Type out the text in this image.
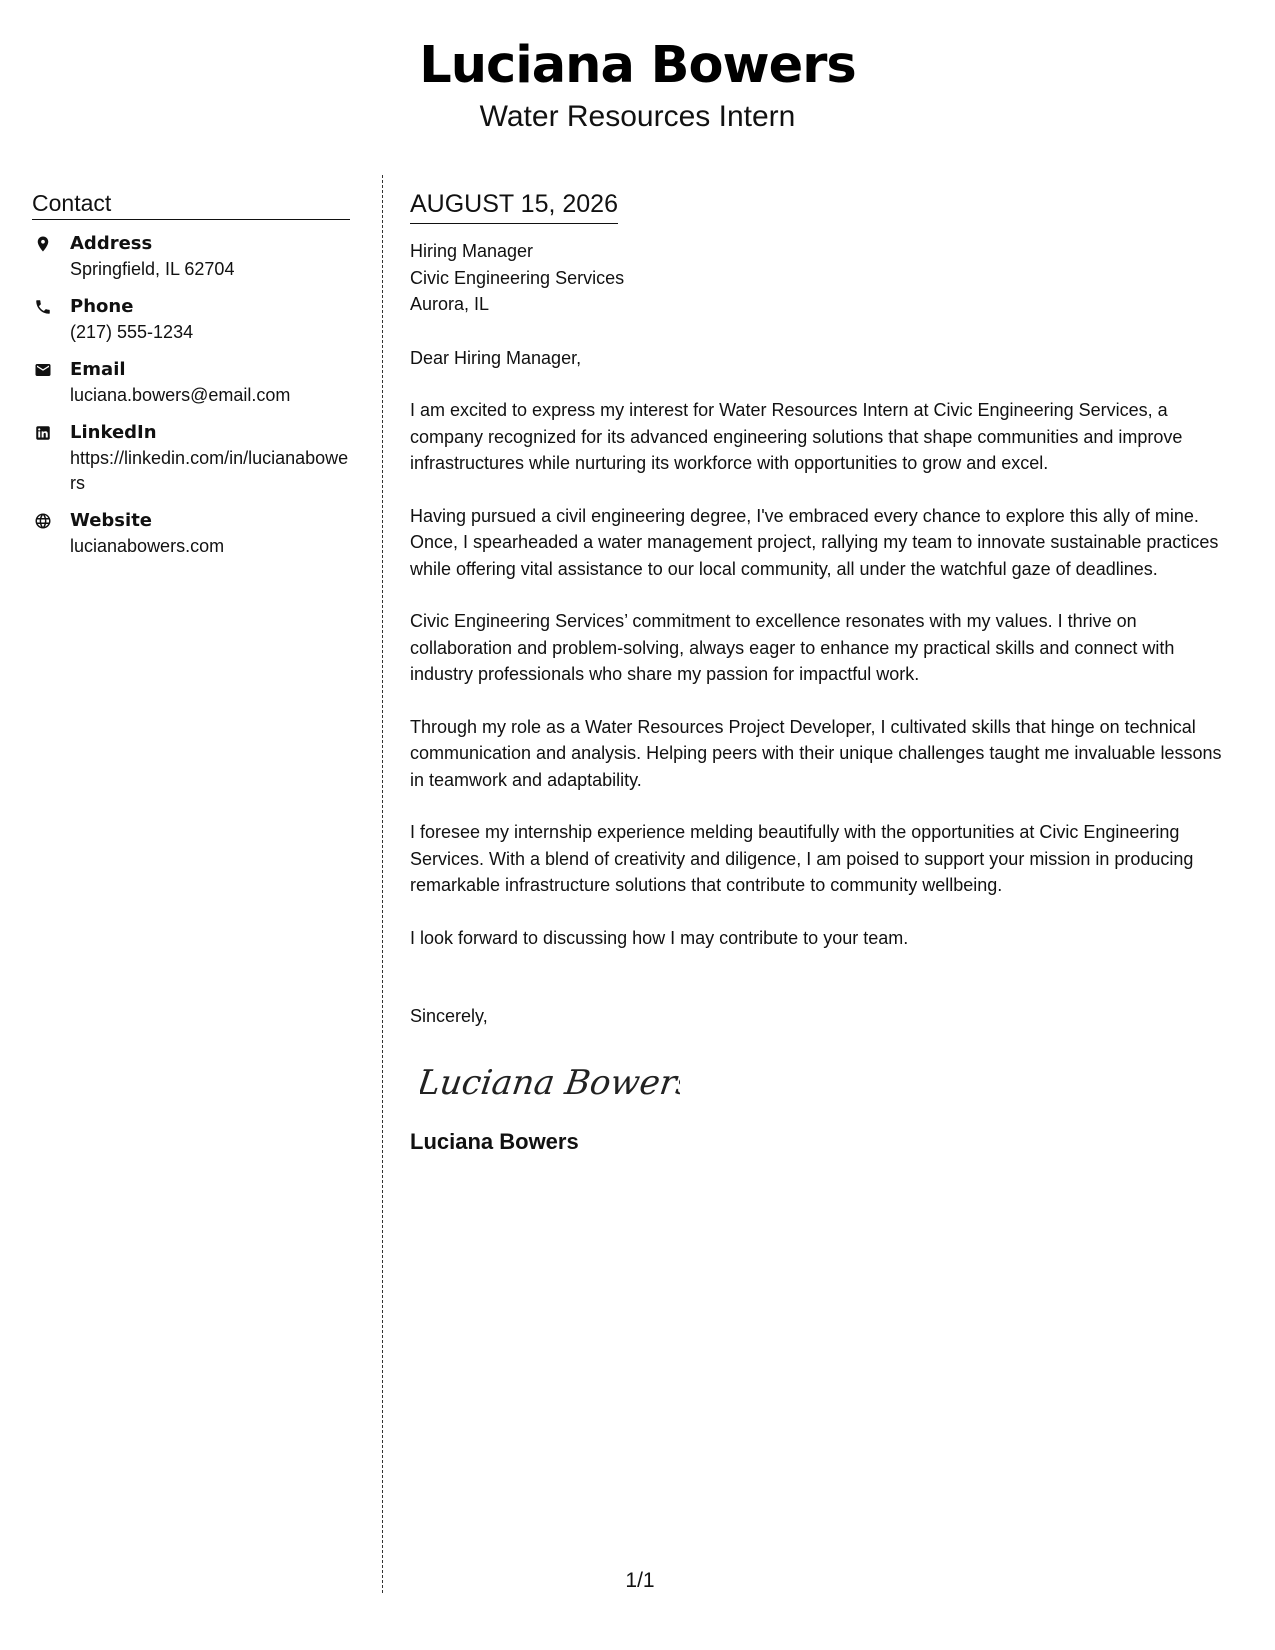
Luciana Bowers
Water Resources Intern
Contact
Address
Springfield, IL 62704
Phone
(217) 555-1234
Email
luciana.bowers@email.com
LinkedIn
https://linkedin.com/in/lucianabowers
Website
lucianabowers.com
AUGUST 15, 2026
Hiring Manager
Civic Engineering Services
Aurora, IL
Dear Hiring Manager,
I am excited to express my interest for Water Resources Intern at Civic Engineering Services, a company recognized for its advanced engineering solutions that shape communities and improve infrastructures while nurturing its workforce with opportunities to grow and excel.
Having pursued a civil engineering degree, I've embraced every chance to explore this ally of mine. Once, I spearheaded a water management project, rallying my team to innovate sustainable practices while offering vital assistance to our local community, all under the watchful gaze of deadlines.
Civic Engineering Services’ commitment to excellence resonates with my values. I thrive on collaboration and problem-solving, always eager to enhance my practical skills and connect with industry professionals who share my passion for impactful work.
Through my role as a Water Resources Project Developer, I cultivated skills that hinge on technical communication and analysis. Helping peers with their unique challenges taught me invaluable lessons in teamwork and adaptability.
I foresee my internship experience melding beautifully with the opportunities at Civic Engineering Services. With a blend of creativity and diligence, I am poised to support your mission in producing remarkable infrastructure solutions that contribute to community wellbeing.
I look forward to discussing how I may contribute to your team.
Sincerely,
Luciana Bowers
Luciana Bowers
1/1
